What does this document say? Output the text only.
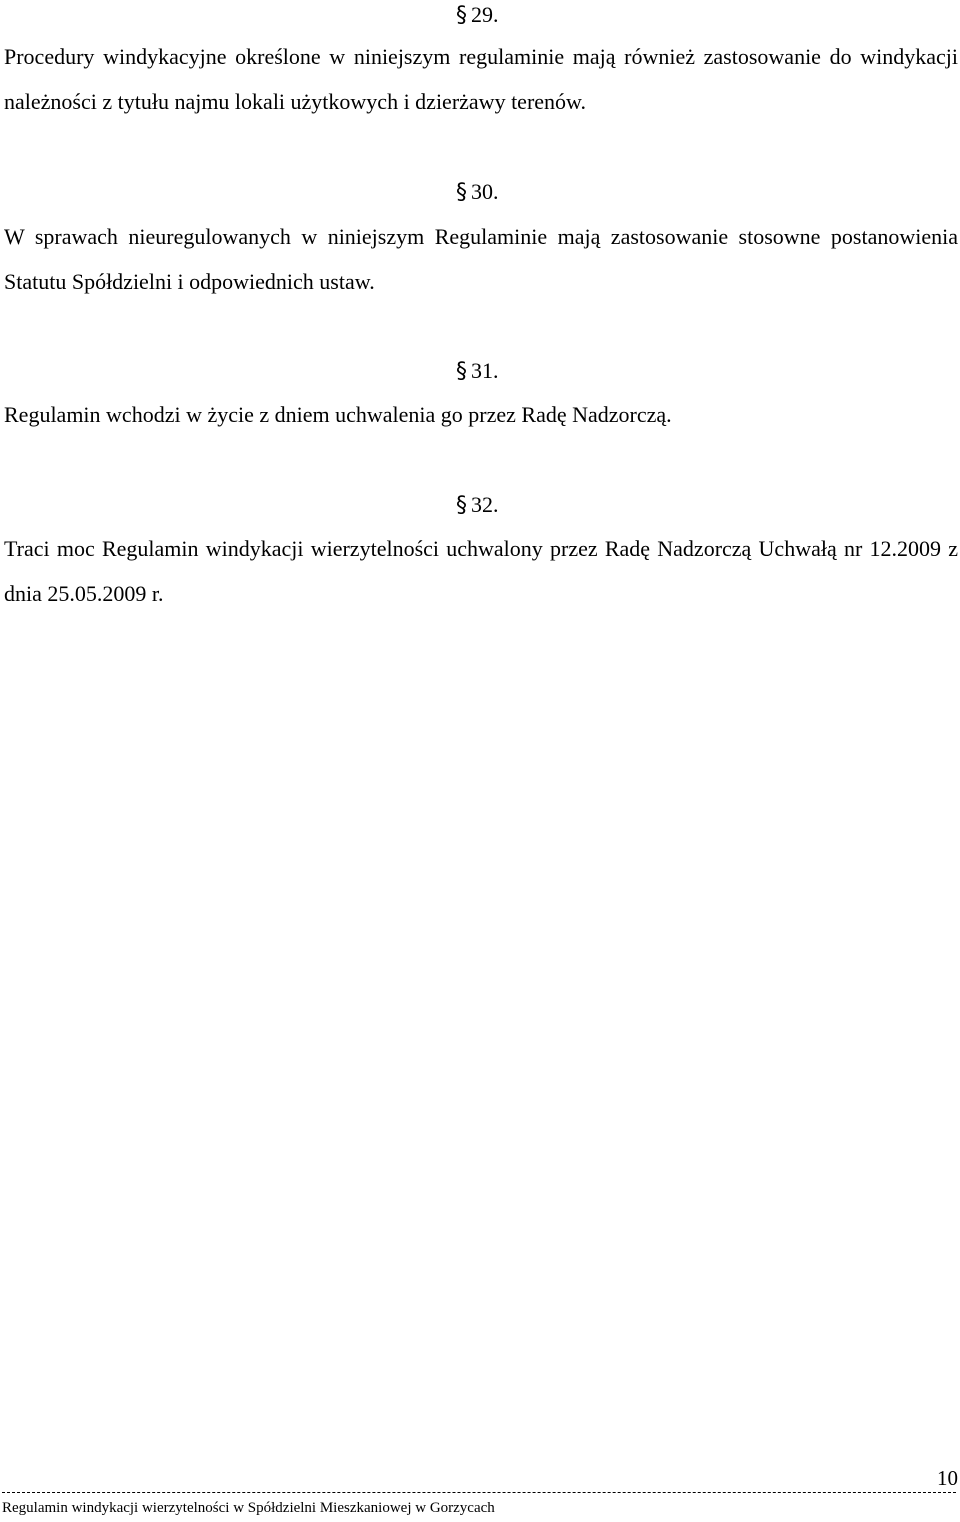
§ 29.

Procedury windykacyjne określone w niniejszym regulaminie mają również zastosowanie do windykacji należności z tytułu najmu lokali użytkowych i dzierżawy terenów.

§ 30.

W sprawach nieuregulowanych w niniejszym Regulaminie mają zastosowanie stosowne postanowienia Statutu Spółdzielni i odpowiednich ustaw.

§ 31.

Regulamin wchodzi w życie z dniem uchwalenia go przez Radę Nadzorczą.

§ 32.

Traci moc Regulamin windykacji wierzytelności uchwalony przez Radę Nadzorczą Uchwałą nr 12.2009 z dnia 25.05.2009 r.

10
Regulamin windykacji wierzytelności w Spółdzielni Mieszkaniowej w Gorzycach
